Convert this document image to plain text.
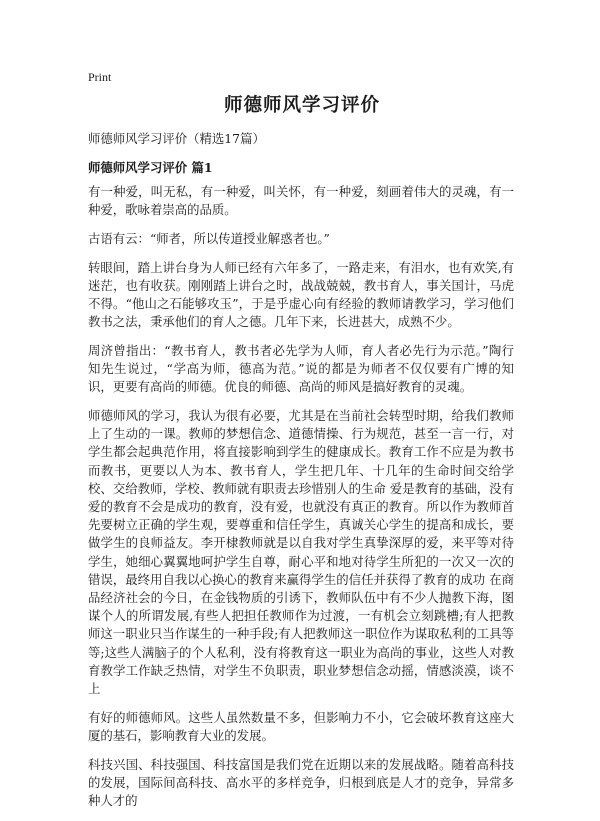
Print
师德师风学习评价
师德师风学习评价（精选17篇）
师德师风学习评价 篇1

有一种爱，叫无私，有一种爱，叫关怀，有一种爱，刻画着伟大的灵魂，有一种爱，歌咏着崇高的品质。

古语有云：“师者，所以传道授业解惑者也。”

转眼间，踏上讲台身为人师已经有六年多了，一路走来，有泪水，也有欢笑,有迷茫，也有收获。刚刚踏上讲台之时，战战兢兢，教书育人，事关国计，马虎不得。“他山之石能够攻玉”，于是乎虚心向有经验的教师请教学习，学习他们教书之法，秉承他们的育人之德。几年下来，长进甚大，成熟不少。

周济曾指出：“教书育人，教书者必先学为人师，育人者必先行为示范。”陶行知先生说过，“学高为师，德高为范。”说的都是为师者不仅仅要有广博的知识，更要有高尚的师德。优良的师德、高尚的师风是搞好教育的灵魂。

师德师风的学习，我认为很有必要，尤其是在当前社会转型时期，给我们教师上了生动的一课。教师的梦想信念、道德情操、行为规范，甚至一言一行，对学生都会起典范作用，将直接影响到学生的健康成长。教育工作不应是为教书而教书，更要以人为本、教书育人，学生把几年、十几年的生命时间交给学校、交给教师，学校、教师就有职责去珍惜别人的生命 爱是教育的基础，没有爱的教育不会是成功的教育，没有爱，也就没有真正的教育。所以作为教师首先要树立正确的学生观，要尊重和信任学生，真诚关心学生的提高和成长，要做学生的良师益友。李开棣教师就是以自我对学生真挚深厚的爱，来平等对待学生，她细心翼翼地呵护学生自尊，耐心平和地对待学生所犯的一次又一次的错误，最终用自我以心换心的教育来赢得学生的信任并获得了教育的成功 在商品经济社会的今日，在金钱物质的引诱下，教师队伍中有不少人抛教下海，图谋个人的所谓发展,有些人把担任教师作为过渡，一有机会立刻跳槽;有人把教师这一职业只当作谋生的一种手段;有人把教师这一职位作为谋取私利的工具等等;这些人满脑子的个人私利，没有将教育这一职业为高尚的事业，这些人对教育教学工作缺乏热情，对学生不负职责，职业梦想信念动摇，情感淡漠，谈不上

有好的师德师风。这些人虽然数量不多，但影响力不小，它会破坏教育这座大厦的基石，影响教育大业的发展。

科技兴国、科技强国、科技富国是我们党在近期以来的发展战略。随着高科技的发展，国际间高科技、高水平的多样竞争，归根到底是人才的竞争，异常多种人才的
